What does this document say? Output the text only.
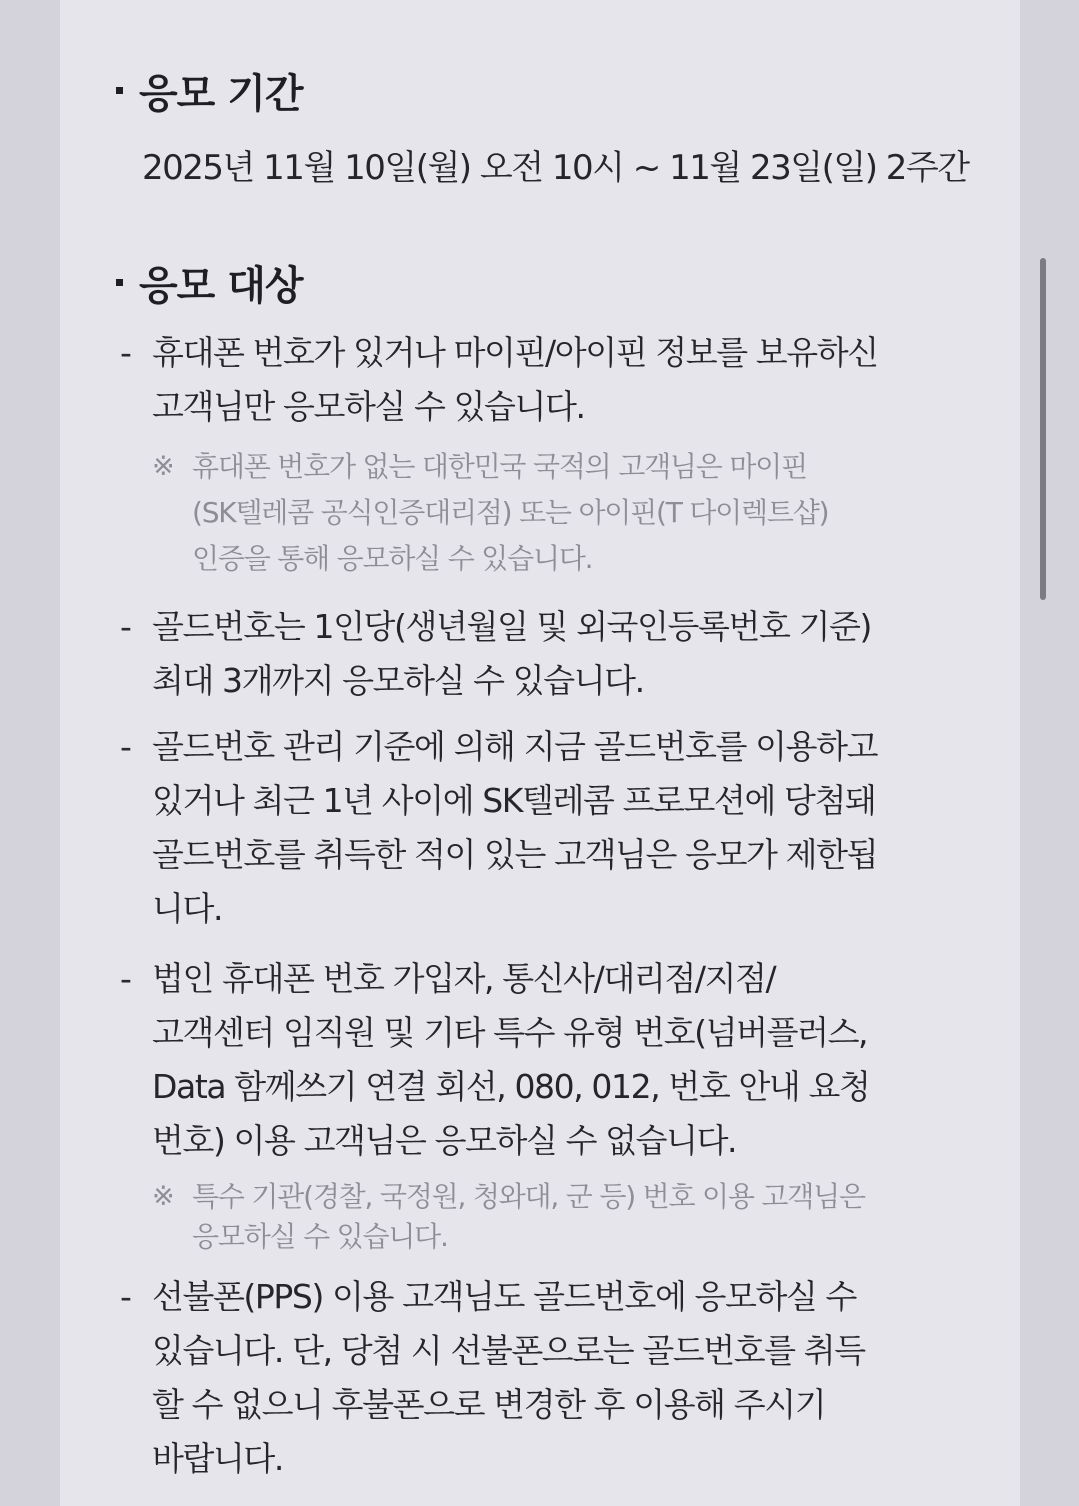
응모 기간
2025년 11월 10일(월) 오전 10시 ~ 11월 23일(일) 2주간
응모 대상
- 휴대폰 번호가 있거나 마이핀/아이핀 정보를 보유하신
고객님만 응모하실 수 있습니다.
※ 휴대폰 번호가 없는 대한민국 국적의 고객님은 마이핀
(SK텔레콤 공식인증대리점) 또는 아이핀(T 다이렉트샵)
인증을 통해 응모하실 수 있습니다.
- 골드번호는 1인당(생년월일 및 외국인등록번호 기준)
최대 3개까지 응모하실 수 있습니다.
- 골드번호 관리 기준에 의해 지금 골드번호를 이용하고
있거나 최근 1년 사이에 SK텔레콤 프로모션에 당첨돼
골드번호를 취득한 적이 있는 고객님은 응모가 제한됩
니다.
- 법인 휴대폰 번호 가입자, 통신사/대리점/지점/
고객센터 임직원 및 기타 특수 유형 번호(넘버플러스,
Data 함께쓰기 연결 회선, 080, 012, 번호 안내 요청
번호) 이용 고객님은 응모하실 수 없습니다.
※ 특수 기관(경찰, 국정원, 청와대, 군 등) 번호 이용 고객님은
응모하실 수 있습니다.
- 선불폰(PPS) 이용 고객님도 골드번호에 응모하실 수
있습니다. 단, 당첨 시 선불폰으로는 골드번호를 취득
할 수 없으니 후불폰으로 변경한 후 이용해 주시기
바랍니다.
